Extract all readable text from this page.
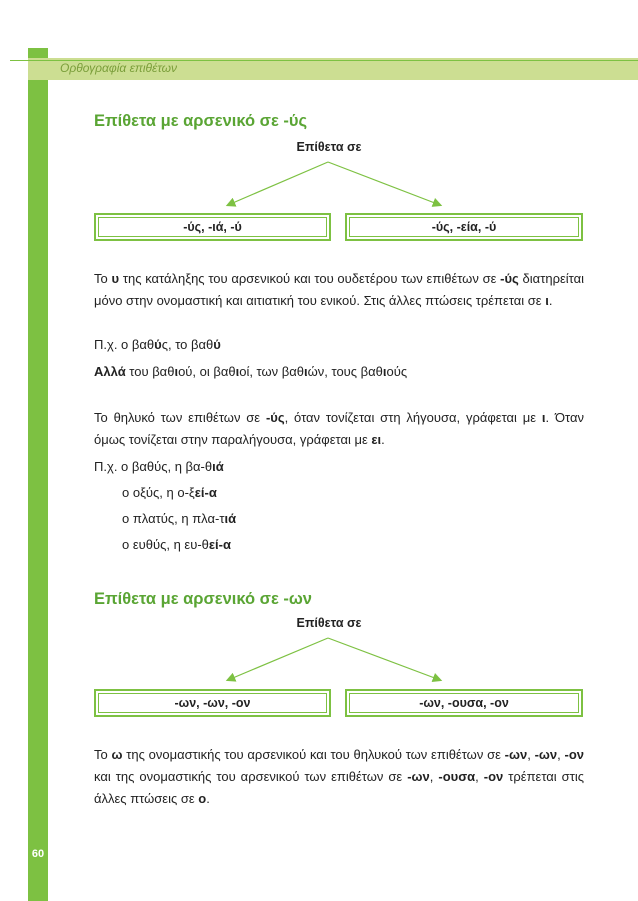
Ορθογραφία επιθέτων
60
Επίθετα με αρσενικό σε -ύς
Επίθετα σε
-ύς, -ιά, -ύ	-ύς, -εία, -ύ
Το υ της κατάληξης του αρσενικού και του ουδετέρου των επιθέτων σε -ύς διατηρείται μόνο στην ονομαστική και αιτιατική του ενικού. Στις άλλες πτώσεις τρέπεται σε ι.
Π.χ. ο βαθύς, το βαθύ
Αλλά του βαθιού, οι βαθιοί, των βαθιών, τους βαθιούς
Το θηλυκό των επιθέτων σε -ύς, όταν τονίζεται στη λήγουσα, γράφεται με ι. Όταν όμως τονίζεται στην παραλήγουσα, γράφεται με ει.
Π.χ. ο βαθύς, η βα-θιά
ο οξύς, η ο-ξεί-α
ο πλατύς, η πλα-τιά
ο ευθύς, η ευ-θεί-α
Επίθετα με αρσενικό σε -ων
Επίθετα σε
-ων, -ων, -ον	-ων, -ουσα, -ον
Το ω της ονομαστικής του αρσενικού και του θηλυκού των επιθέτων σε -ων, -ων, -ον και της ονομαστικής του αρσενικού των επιθέτων σε -ων, -ουσα, -ον τρέπεται στις άλλες πτώσεις σε ο.
